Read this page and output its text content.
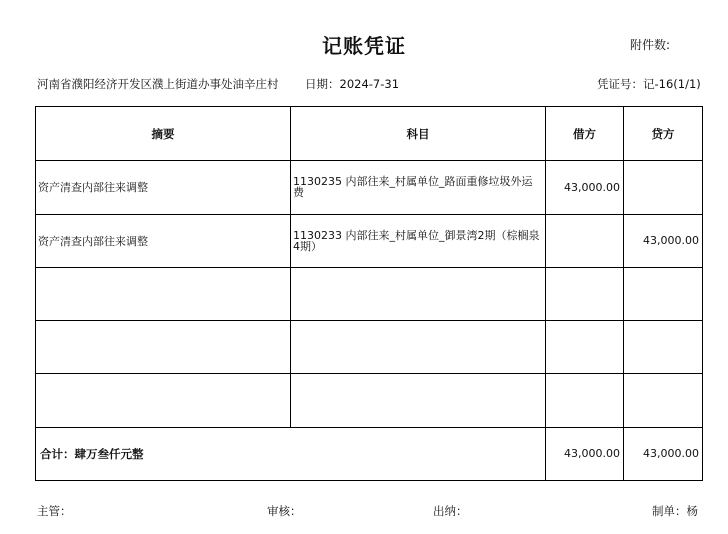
记账凭证	附件数:
河南省濮阳经济开发区濮上街道办事处油辛庄村 日期：2024-7-31	凭证号：记-16(1/1)
摘要	科目	借方	贷方
资产清查内部往来调整	1130235 内部往来_村属单位_路面重修垃圾外运费	43,000.00	
资产清查内部往来调整	1130233 内部往来_村属单位_御景湾2期（棕榈泉4期）		43,000.00

合计：肆万叁仟元整		43,000.00	43,000.00
主管：	审核：	出纳：	制单：杨
